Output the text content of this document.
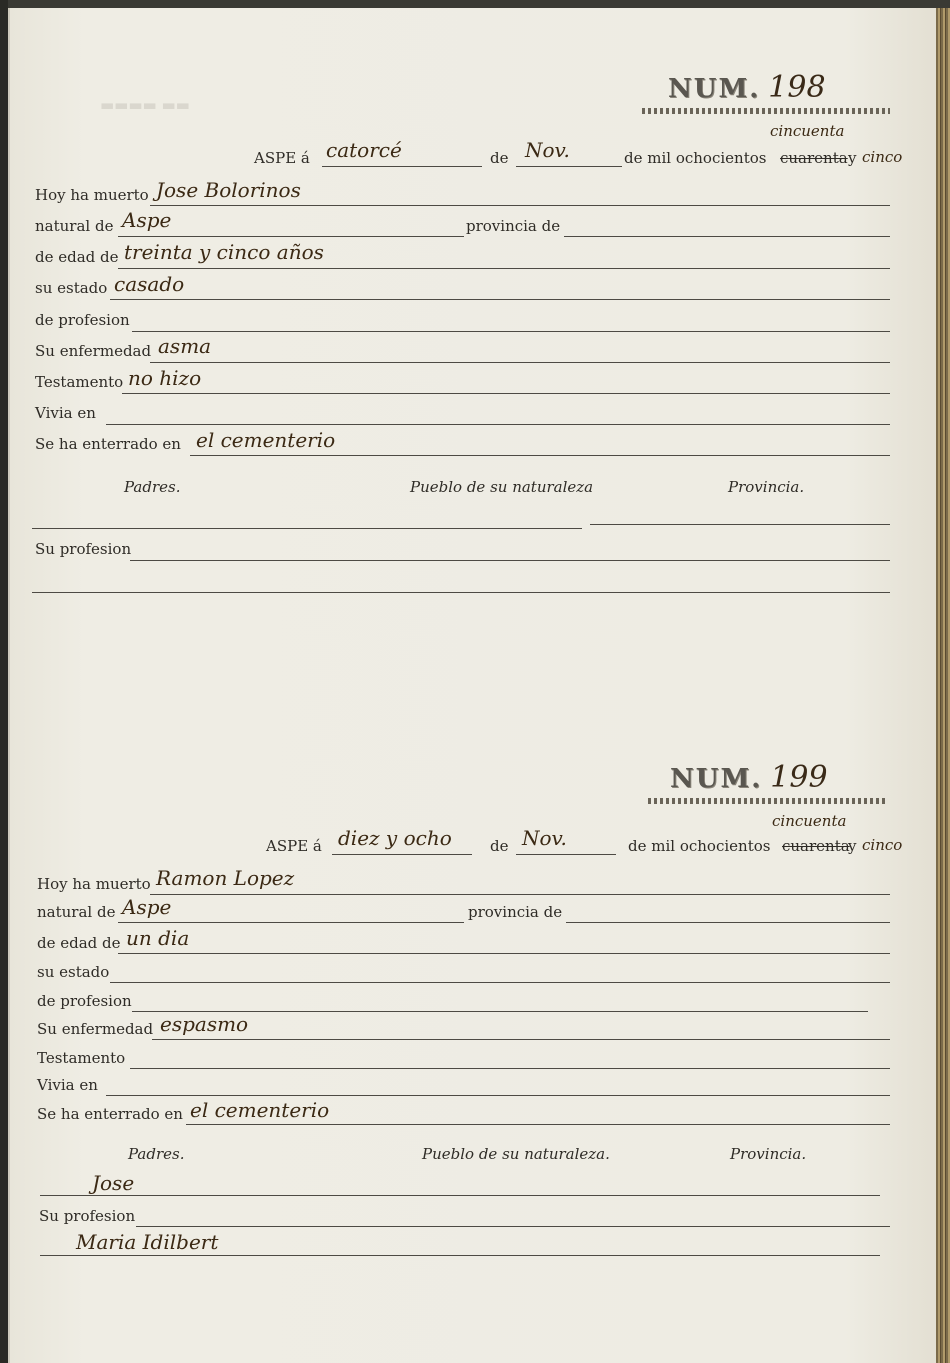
▬▬▬▬ ▬▬
NUM. 198
ASPE á catorcé	de Nov.	de mil ochocientos cuarenta
cincuenta
y cinco
Hoy ha muerto Jose Bolorinos
natural de Aspe	provincia de
de edad de treinta y cinco años
su estado casado
de profesion
Su enfermedad asma
Testamento no hizo
Vivia en
Se ha enterrado en el cementerio
Padres.	Pueblo de su naturaleza	Provincia.
Su profesion
NUM. 199
ASPE á diez y ocho	de Nov.	de mil ochocientos cuarenta
cincuenta
y cinco
Hoy ha muerto Ramon Lopez
natural de Aspe	provincia de
de edad de un dia
su estado
de profesion
Su enfermedad espasmo
Testamento
Vivia en
Se ha enterrado en el cementerio
Padres.	Pueblo de su naturaleza.	Provincia.
Jose
Su profesion
Maria Idilbert
